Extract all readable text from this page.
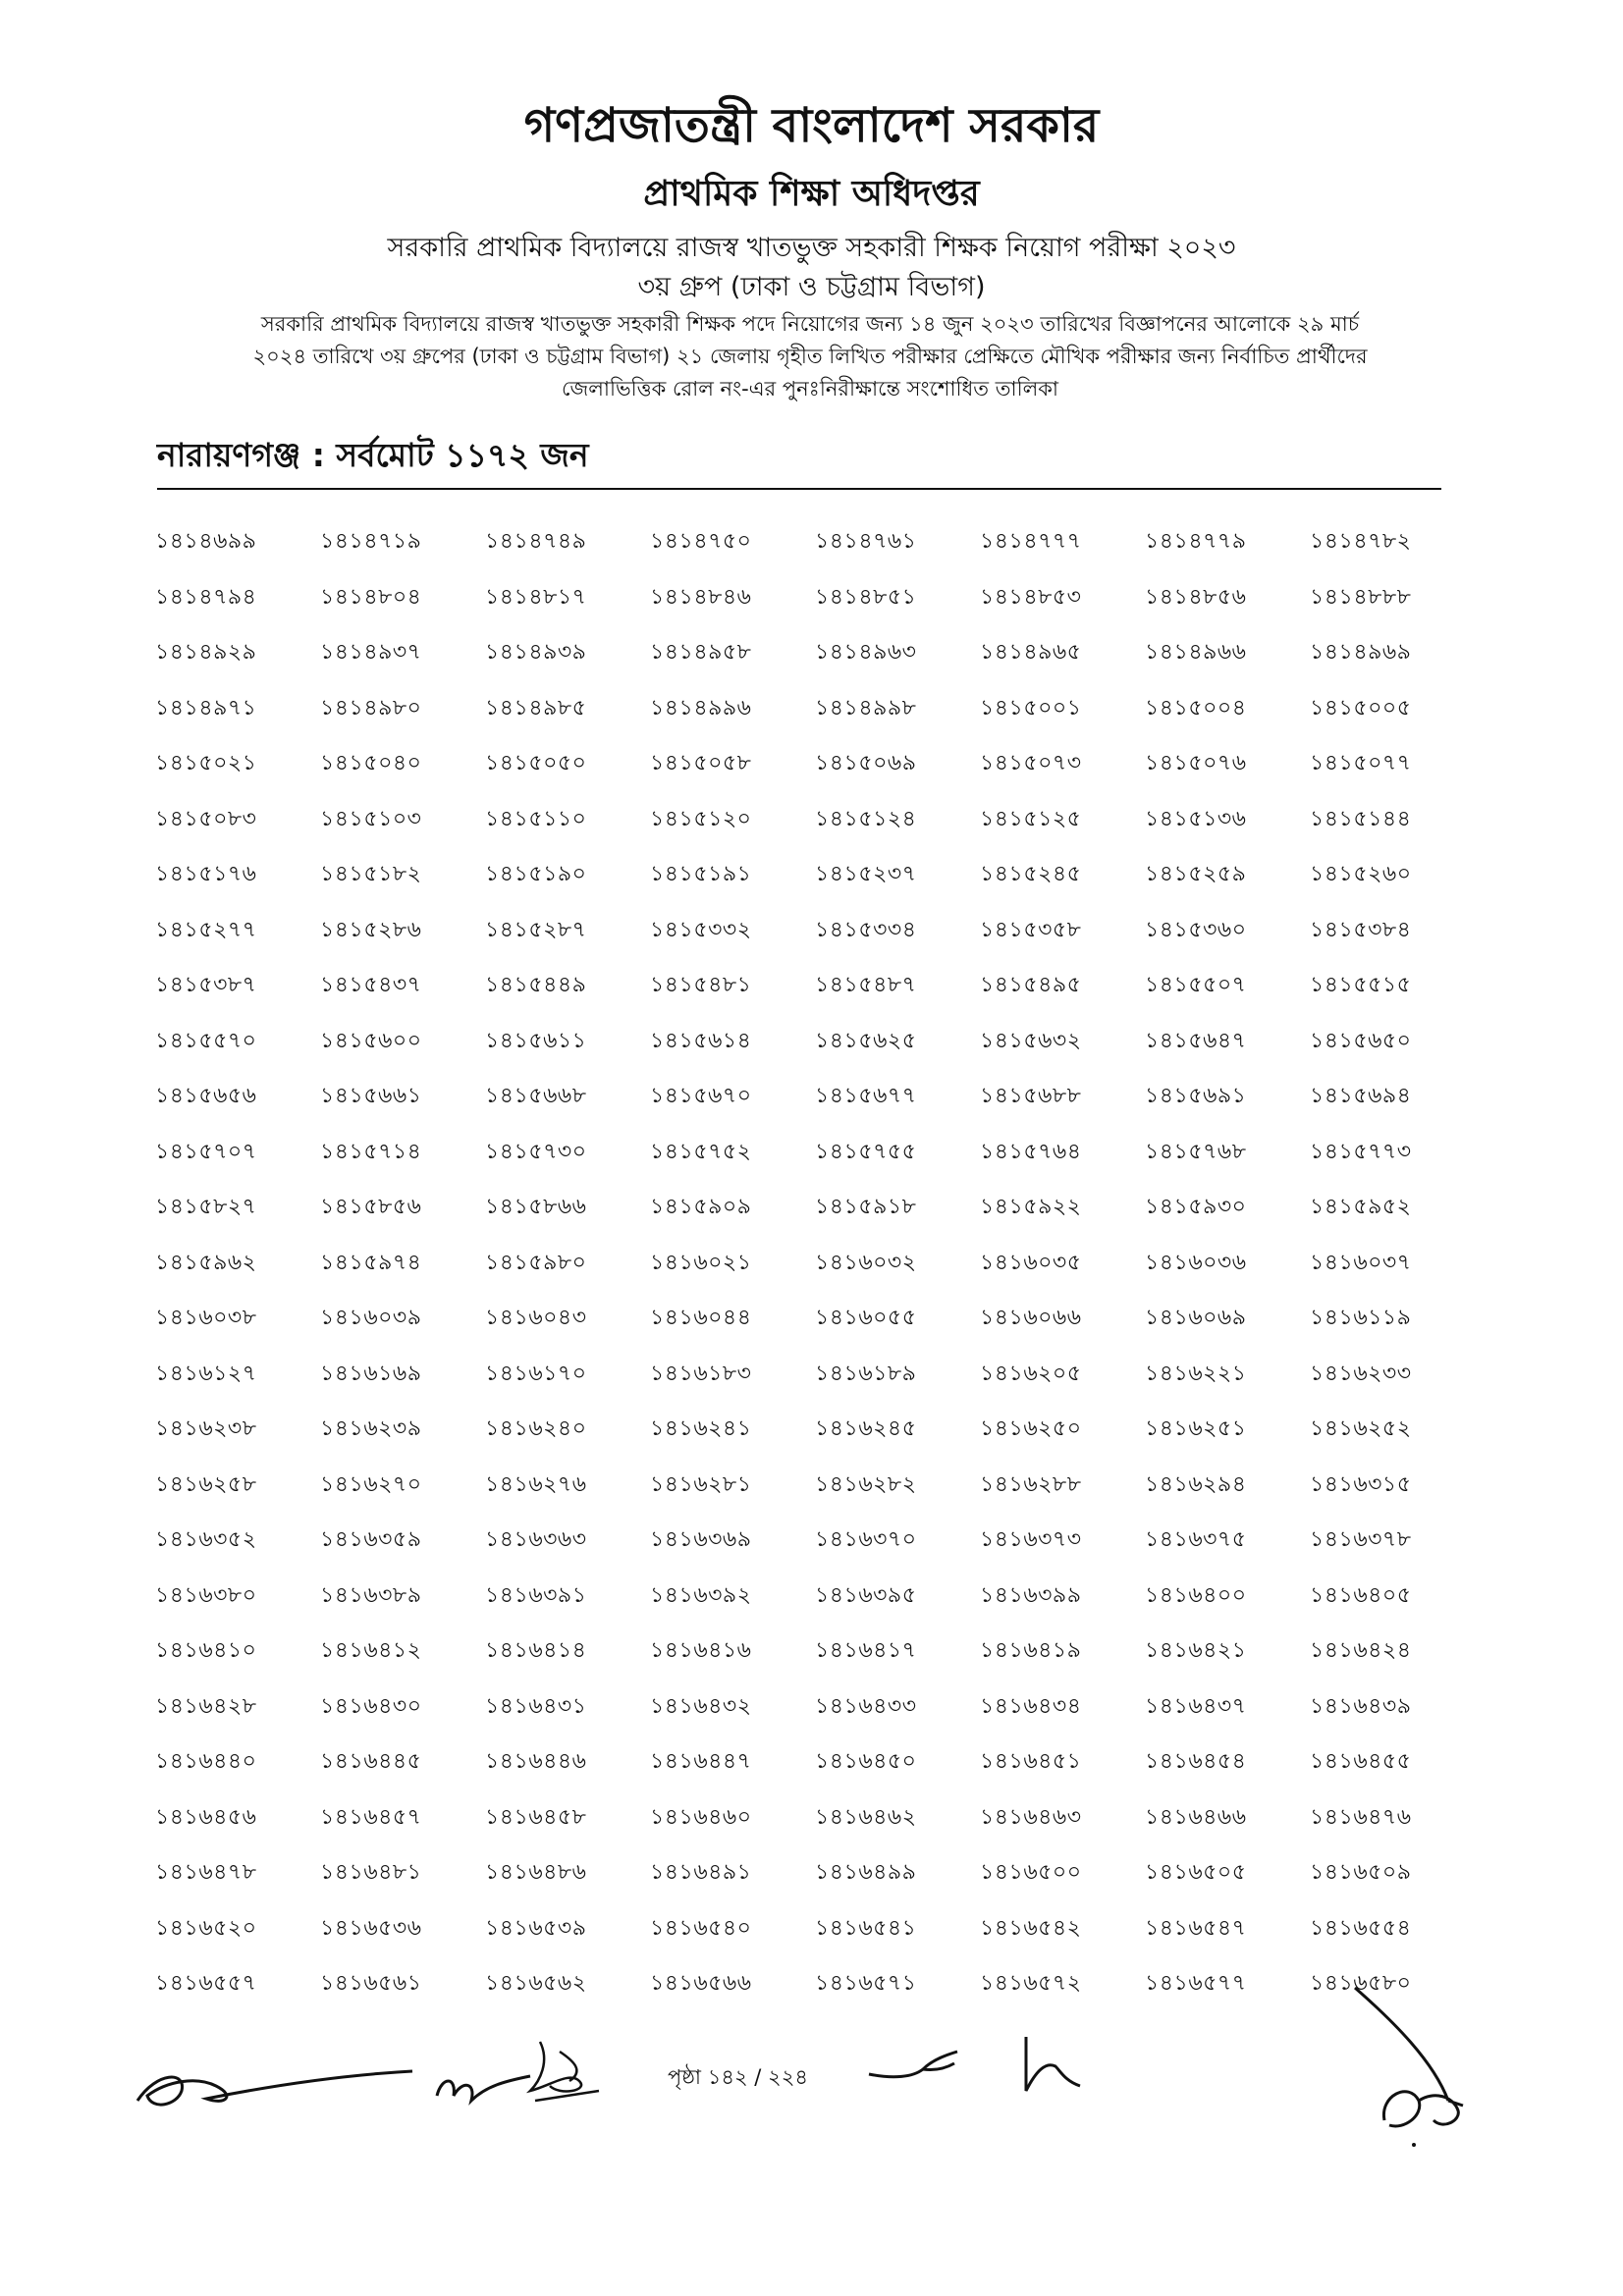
গণপ্রজাতন্ত্রী বাংলাদেশ সরকার
প্রাথমিক শিক্ষা অধিদপ্তর
সরকারি প্রাথমিক বিদ্যালয়ে রাজস্ব খাতভুক্ত সহকারী শিক্ষক নিয়োগ পরীক্ষা ২০২৩
৩য় গ্রুপ (ঢাকা ও চট্টগ্রাম বিভাগ)
সরকারি প্রাথমিক বিদ্যালয়ে রাজস্ব খাতভুক্ত সহকারী শিক্ষক পদে নিয়োগের জন্য ১৪ জুন ২০২৩ তারিখের বিজ্ঞাপনের আলোকে ২৯ মার্চ
২০২৪ তারিখে ৩য় গ্রুপের (ঢাকা ও চট্টগ্রাম বিভাগ) ২১ জেলায় গৃহীত লিখিত পরীক্ষার প্রেক্ষিতে মৌখিক পরীক্ষার জন্য নির্বাচিত প্রার্থীদের
জেলাভিত্তিক রোল নং-এর পুনঃনিরীক্ষান্তে সংশোধিত তালিকা
নারায়ণগঞ্জ : সর্বমোট ১১৭২ জন
১৪১৪৬৯৯	১৪১৪৭১৯	১৪১৪৭৪৯	১৪১৪৭৫০	১৪১৪৭৬১	১৪১৪৭৭৭	১৪১৪৭৭৯	১৪১৪৭৮২
১৪১৪৭৯৪	১৪১৪৮০৪	১৪১৪৮১৭	১৪১৪৮৪৬	১৪১৪৮৫১	১৪১৪৮৫৩	১৪১৪৮৫৬	১৪১৪৮৮৮
১৪১৪৯২৯	১৪১৪৯৩৭	১৪১৪৯৩৯	১৪১৪৯৫৮	১৪১৪৯৬৩	১৪১৪৯৬৫	১৪১৪৯৬৬	১৪১৪৯৬৯
১৪১৪৯৭১	১৪১৪৯৮০	১৪১৪৯৮৫	১৪১৪৯৯৬	১৪১৪৯৯৮	১৪১৫০০১	১৪১৫০০৪	১৪১৫০০৫
১৪১৫০২১	১৪১৫০৪০	১৪১৫০৫০	১৪১৫০৫৮	১৪১৫০৬৯	১৪১৫০৭৩	১৪১৫০৭৬	১৪১৫০৭৭
১৪১৫০৮৩	১৪১৫১০৩	১৪১৫১১০	১৪১৫১২০	১৪১৫১২৪	১৪১৫১২৫	১৪১৫১৩৬	১৪১৫১৪৪
১৪১৫১৭৬	১৪১৫১৮২	১৪১৫১৯০	১৪১৫১৯১	১৪১৫২৩৭	১৪১৫২৪৫	১৪১৫২৫৯	১৪১৫২৬০
১৪১৫২৭৭	১৪১৫২৮৬	১৪১৫২৮৭	১৪১৫৩৩২	১৪১৫৩৩৪	১৪১৫৩৫৮	১৪১৫৩৬০	১৪১৫৩৮৪
১৪১৫৩৮৭	১৪১৫৪৩৭	১৪১৫৪৪৯	১৪১৫৪৮১	১৪১৫৪৮৭	১৪১৫৪৯৫	১৪১৫৫০৭	১৪১৫৫১৫
১৪১৫৫৭০	১৪১৫৬০০	১৪১৫৬১১	১৪১৫৬১৪	১৪১৫৬২৫	১৪১৫৬৩২	১৪১৫৬৪৭	১৪১৫৬৫০
১৪১৫৬৫৬	১৪১৫৬৬১	১৪১৫৬৬৮	১৪১৫৬৭০	১৪১৫৬৭৭	১৪১৫৬৮৮	১৪১৫৬৯১	১৪১৫৬৯৪
১৪১৫৭০৭	১৪১৫৭১৪	১৪১৫৭৩০	১৪১৫৭৫২	১৪১৫৭৫৫	১৪১৫৭৬৪	১৪১৫৭৬৮	১৪১৫৭৭৩
১৪১৫৮২৭	১৪১৫৮৫৬	১৪১৫৮৬৬	১৪১৫৯০৯	১৪১৫৯১৮	১৪১৫৯২২	১৪১৫৯৩০	১৪১৫৯৫২
১৪১৫৯৬২	১৪১৫৯৭৪	১৪১৫৯৮০	১৪১৬০২১	১৪১৬০৩২	১৪১৬০৩৫	১৪১৬০৩৬	১৪১৬০৩৭
১৪১৬০৩৮	১৪১৬০৩৯	১৪১৬০৪৩	১৪১৬০৪৪	১৪১৬০৫৫	১৪১৬০৬৬	১৪১৬০৬৯	১৪১৬১১৯
১৪১৬১২৭	১৪১৬১৬৯	১৪১৬১৭০	১৪১৬১৮৩	১৪১৬১৮৯	১৪১৬২০৫	১৪১৬২২১	১৪১৬২৩৩
১৪১৬২৩৮	১৪১৬২৩৯	১৪১৬২৪০	১৪১৬২৪১	১৪১৬২৪৫	১৪১৬২৫০	১৪১৬২৫১	১৪১৬২৫২
১৪১৬২৫৮	১৪১৬২৭০	১৪১৬২৭৬	১৪১৬২৮১	১৪১৬২৮২	১৪১৬২৮৮	১৪১৬২৯৪	১৪১৬৩১৫
১৪১৬৩৫২	১৪১৬৩৫৯	১৪১৬৩৬৩	১৪১৬৩৬৯	১৪১৬৩৭০	১৪১৬৩৭৩	১৪১৬৩৭৫	১৪১৬৩৭৮
১৪১৬৩৮০	১৪১৬৩৮৯	১৪১৬৩৯১	১৪১৬৩৯২	১৪১৬৩৯৫	১৪১৬৩৯৯	১৪১৬৪০০	১৪১৬৪০৫
১৪১৬৪১০	১৪১৬৪১২	১৪১৬৪১৪	১৪১৬৪১৬	১৪১৬৪১৭	১৪১৬৪১৯	১৪১৬৪২১	১৪১৬৪২৪
১৪১৬৪২৮	১৪১৬৪৩০	১৪১৬৪৩১	১৪১৬৪৩২	১৪১৬৪৩৩	১৪১৬৪৩৪	১৪১৬৪৩৭	১৪১৬৪৩৯
১৪১৬৪৪০	১৪১৬৪৪৫	১৪১৬৪৪৬	১৪১৬৪৪৭	১৪১৬৪৫০	১৪১৬৪৫১	১৪১৬৪৫৪	১৪১৬৪৫৫
১৪১৬৪৫৬	১৪১৬৪৫৭	১৪১৬৪৫৮	১৪১৬৪৬০	১৪১৬৪৬২	১৪১৬৪৬৩	১৪১৬৪৬৬	১৪১৬৪৭৬
১৪১৬৪৭৮	১৪১৬৪৮১	১৪১৬৪৮৬	১৪১৬৪৯১	১৪১৬৪৯৯	১৪১৬৫০০	১৪১৬৫০৫	১৪১৬৫০৯
১৪১৬৫২০	১৪১৬৫৩৬	১৪১৬৫৩৯	১৪১৬৫৪০	১৪১৬৫৪১	১৪১৬৫৪২	১৪১৬৫৪৭	১৪১৬৫৫৪
১৪১৬৫৫৭	১৪১৬৫৬১	১৪১৬৫৬২	১৪১৬৫৬৬	১৪১৬৫৭১	১৪১৬৫৭২	১৪১৬৫৭৭	১৪১৬৫৮০
পৃষ্ঠা ১৪২ / ২২৪
